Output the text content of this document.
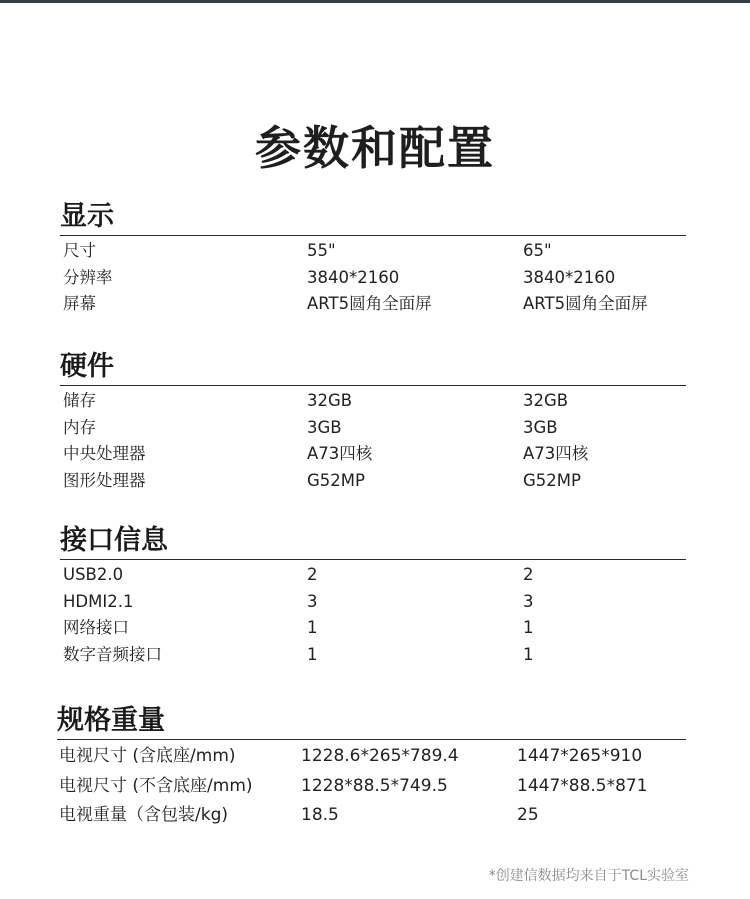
参数和配置
显示
尺寸	55"	65"
分辨率	3840*2160	3840*2160
屏幕	ART5圆角全面屏	ART5圆角全面屏
硬件
储存	32GB	32GB
内存	3GB	3GB
中央处理器	A73四核	A73四核
图形处理器	G52MP	G52MP
接口信息
USB2.0	2	2
HDMI2.1	3	3
网络接口	1	1
数字音频接口	1	1
规格重量
电视尺寸 (含底座/mm)	1228.6*265*789.4	1447*265*910
电视尺寸 (不含底座/mm)	1228*88.5*749.5	1447*88.5*871
电视重量（含包装/kg)	18.5	25
*创建信数据均来自于TCL实验室
